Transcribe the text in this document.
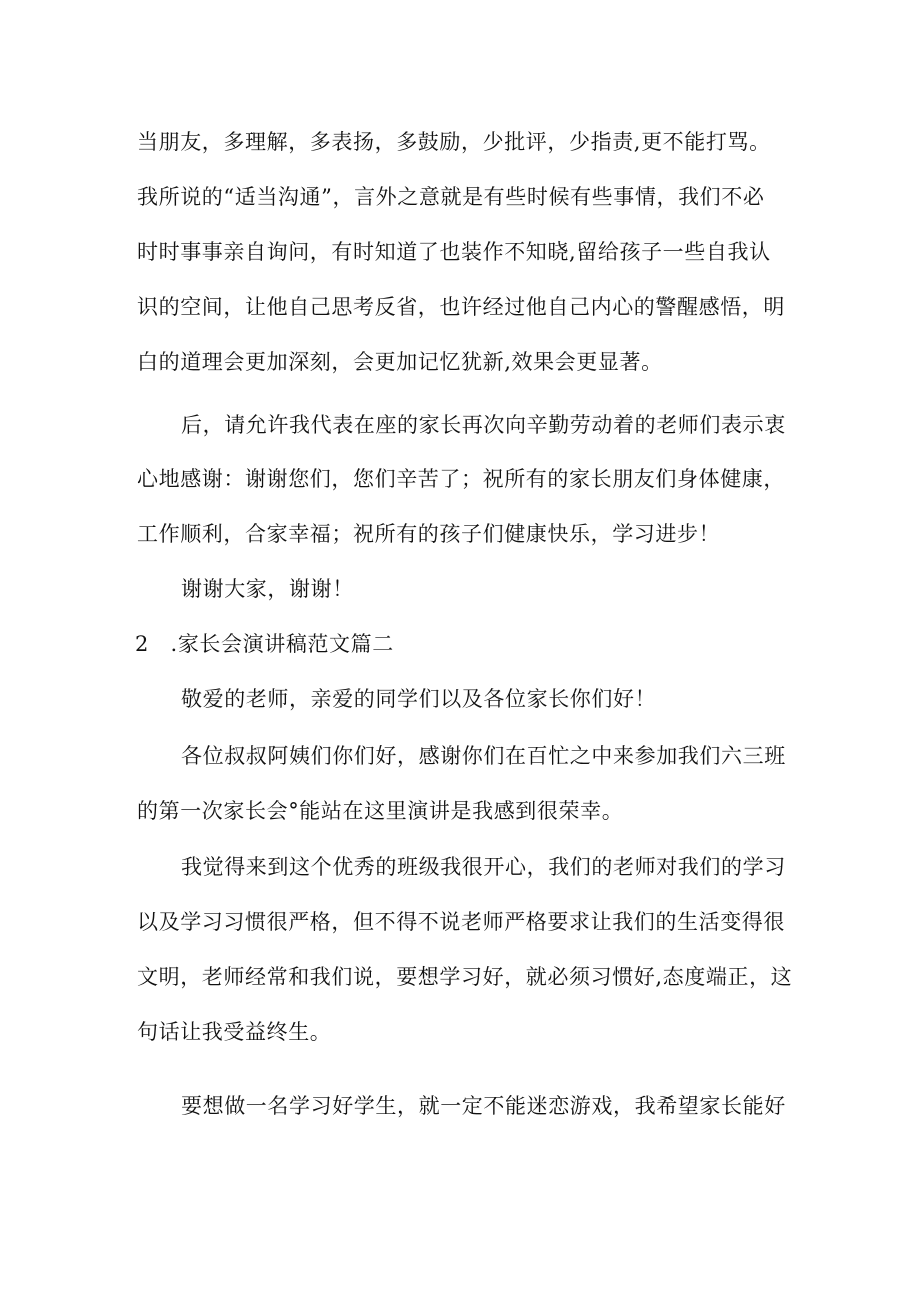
当朋友，多理解，多表扬，多鼓励，少批评，少指责,更不能打骂。
我所说的“适当沟通”，言外之意就是有些时候有些事情，我们不必
时时事事亲自询问，有时知道了也装作不知晓,留给孩子一些自我认
识的空间，让他自己思考反省，也许经过他自己内心的警醒感悟，明
白的道理会更加深刻，会更加记忆犹新,效果会更显著。
后，请允许我代表在座的家长再次向辛勤劳动着的老师们表示衷
心地感谢：谢谢您们，您们辛苦了；祝所有的家长朋友们身体健康，
工作顺利，合家幸福；祝所有的孩子们健康快乐，学习进步！
谢谢大家，谢谢！
2 .家长会演讲稿范文篇二
敬爱的老师，亲爱的同学们以及各位家长你们好！
各位叔叔阿姨们你们好，感谢你们在百忙之中来参加我们六三班
的第一次家长会°能站在这里演讲是我感到很荣幸。
我觉得来到这个优秀的班级我很开心，我们的老师对我们的学习
以及学习习惯很严格，但不得不说老师严格要求让我们的生活变得很
文明，老师经常和我们说，要想学习好，就必须习惯好,态度端正，这
句话让我受益终生。
要想做一名学习好学生，就一定不能迷恋游戏，我希望家长能好
